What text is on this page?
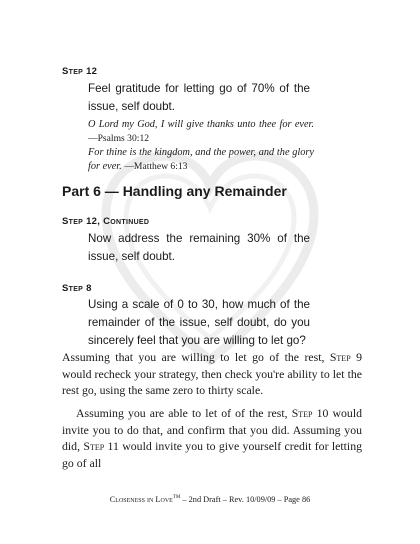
Step 12
Feel gratitude for letting go of 70% of the issue, self doubt.
O Lord my God, I will give thanks unto thee for ever. —Psalms 30:12
For thine is the kingdom, and the power, and the glory for ever. —Matthew 6:13
Part 6 — Handling any Remainder
Step 12, Continued
Now address the remaining 30% of the issue, self doubt.
Step 8
Using a scale of 0 to 30, how much of the remainder of the issue, self doubt, do you sincerely feel that you are willing to let go?
Assuming that you are willing to let go of the rest, Step 9 would recheck your strategy, then check you're ability to let the rest go, using the same zero to thirty scale.
Assuming you are able to let of of the rest, Step 10 would invite you to do that, and confirm that you did. Assuming you did, Step 11 would invite you to give yourself credit for letting go of all
Closeness in Love™ – 2nd Draft – Rev. 10/09/09 – Page 86
